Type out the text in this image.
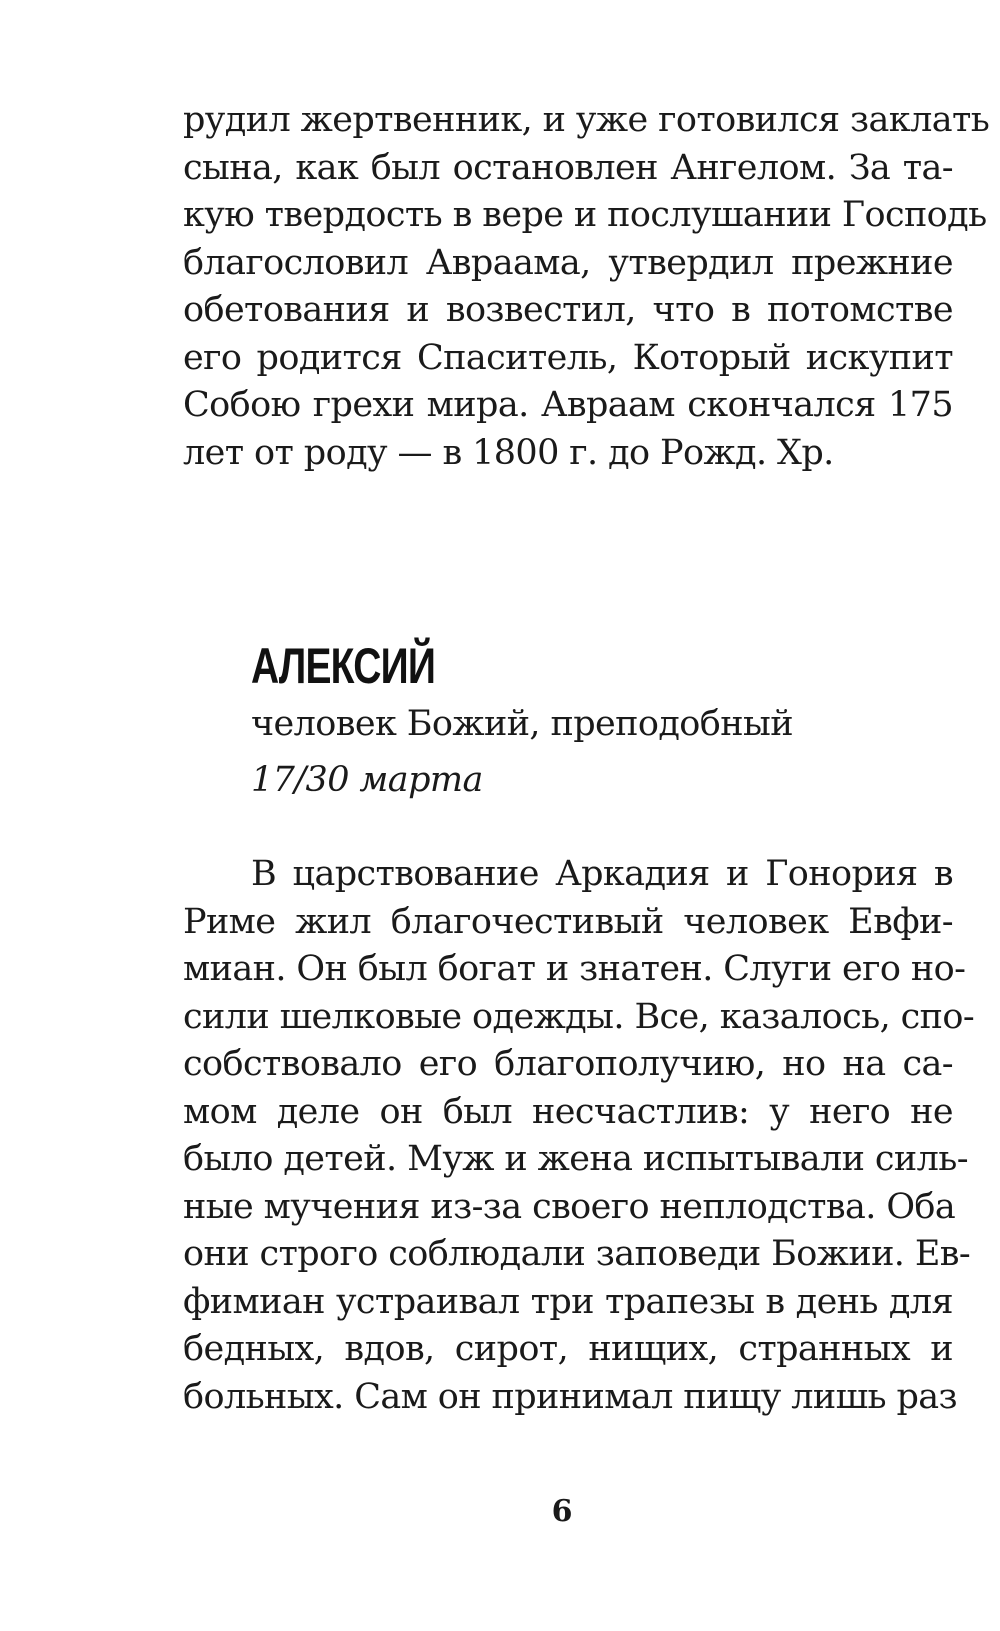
рудил жертвенник, и уже готовился заклать
сына, как был остановлен Ангелом. За та-
кую твердость в вере и послушании Господь
благословил Авраама, утвердил прежние
обетования и возвестил, что в потомстве
его родится Спаситель, Который искупит
Собою грехи мира. Авраам скончался 175
лет от роду — в 1800 г. до Рожд. Хр.
АЛЕКСИЙ
человек Божий, преподобный
17/30 марта
В царствование Аркадия и Гонория в
Риме жил благочестивый человек Евфи-
миан. Он был богат и знатен. Слуги его но-
сили шелковые одежды. Все, казалось, спо-
собствовало его благополучию, но на са-
мом деле он был несчастлив: у него не
было детей. Муж и жена испытывали силь-
ные мучения из-за своего неплодства. Оба
они строго соблюдали заповеди Божии. Ев-
фимиан устраивал три трапезы в день для
бедных, вдов, сирот, нищих, странных и
больных. Сам он принимал пищу лишь раз
6
